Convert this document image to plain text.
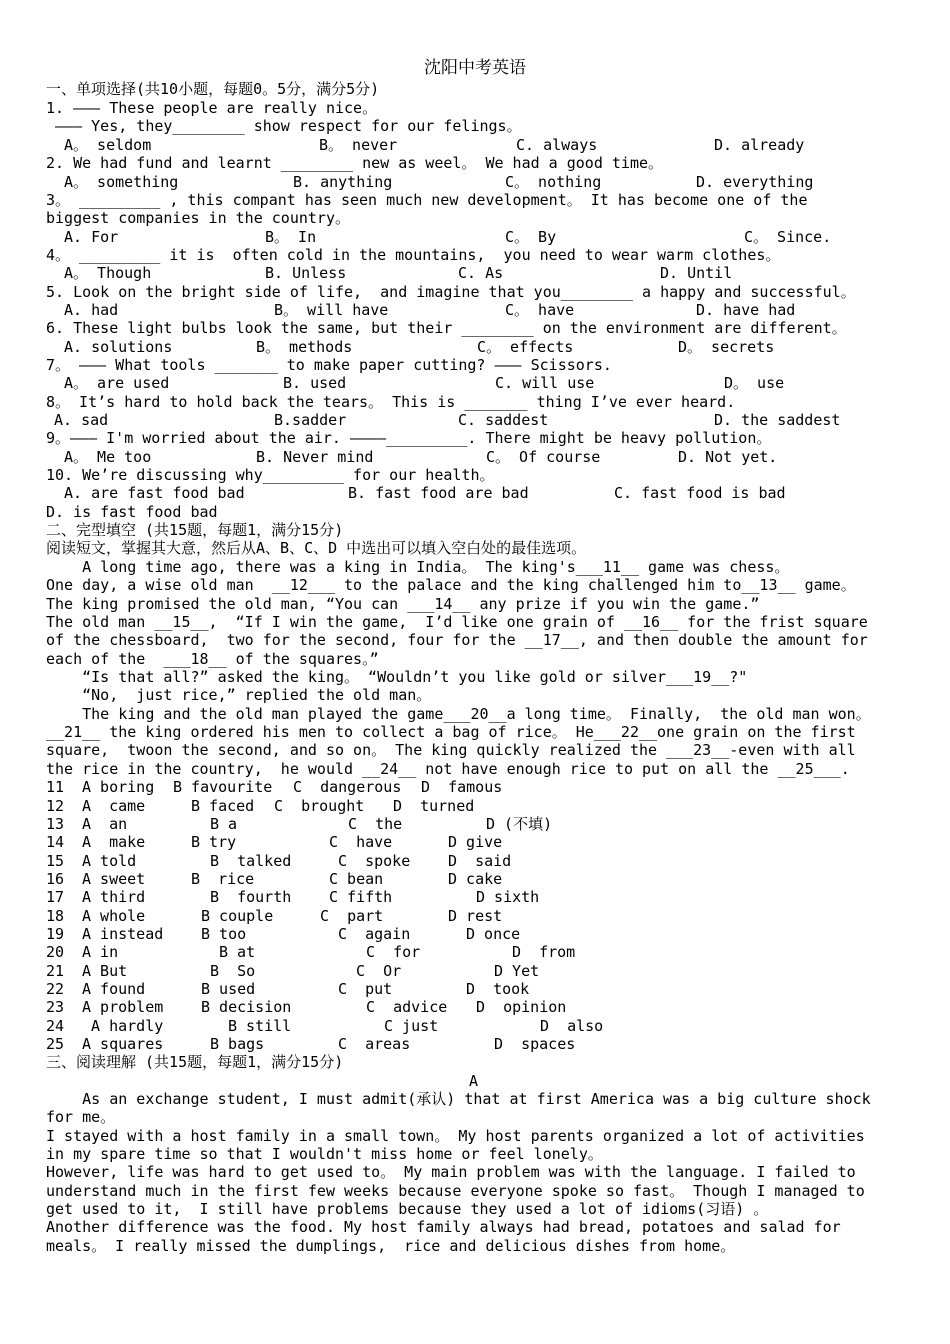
沈阳中考英语
一、单项选择(共10小题，每题0。5分，满分5分)
1. ——— These people are really nice。
——— Yes, they________ show respect for our felings。

A。 seldom

	B。 never

	C. always

	D. already

2. We had fund and learnt ________ new as weel。 We had a good time。

A。 something

	B. anything

	C。 nothing

	D. everything

3。 _________ , this compant has seen much new development。 It has become one of the
biggest companies in the country。

A. For

	B。 In

	C。 By

	C。 Since.

4。 _________ it is  often cold in the mountains,  you need to wear warm clothes。

A。 Though

	B. Unless

	C. As

	D. Until

5. Look on the bright side of life,  and imagine that you________ a happy and successful。

A. had

	B。 will have

	C。 have

	D. have had

6. These light bulbs look the same, but their ________ on the environment are different。

A. solutions

	B。 methods

	C。 effects

	D。 secrets

7。 ——— What tools _______ to make paper cutting? ——— Scissors.

A。 are used

	B. used

	C. will use

	D。 use

8。 It’s hard to hold back the tears。 This is _______ thing I’ve ever heard.

A. sad

	B.sadder

	C. saddest

	D. the saddest

9。——— I'm worried about the air. ————_________. There might be heavy pollution。

A。 Me too

	B. Never mind

	C。 Of course

	D. Not yet.

10. We’re discussing why_________ for our health。

A. are fast food bad

	B. fast food are bad

	C. fast food is bad

D. is fast food bad
二、完型填空 (共15题，每题1，满分15分)
阅读短文，掌握其大意，然后从A、B、C、D 中选出可以填入空白处的最佳选项。
A long time ago, there was a king in India。 The king's___11__ game was chess。
One day, a wise old man  __12___ to the palace and the king challenged him to__13__ game。
The king promised the old man, “You can ___14__ any prize if you win the game.”
The old man __15__,  “If I win the game,  I’d like one grain of __16__ for the frist square
of the chessboard,  two for the second, four for the __17__, and then double the amount for
each of the  ___18__ of the squares。”
“Is that all?” asked the king。 “Wouldn’t you like gold or silver___19__?"
“No,  just rice,” replied the old man。
The king and the old man played the game___20__a long time。 Finally,  the old man won。
__21__ the king ordered his men to collect a bag of rice。 He___22__one grain on the first
square,  twoon the second, and so on。 The king quickly realized the ___23__-even with all
the rice in the country,  he would __24__ not have enough rice to put on all the __25___.

11

A boring

B favourite

C  dangerous

D  famous

12

A  came

	B faced

C  brought

D  turned

13

A  an

	B a

	C  the

	D (不填)

14

A  make

	B try

	C  have

	D give

15

A told

	B  talked

	C  spoke

	D  said

16

A sweet

	B  rice

	C bean

	D cake

17

A third

	B  fourth

	C fifth

	D sixth

18

A whole

	B couple

	C  part

	D rest

19

A instead

	B too

	C  again

	D once

20

A in

	B at

	C  for

	D  from

21

A But

	B  So

	C  Or

	D Yet

22

A found

	B used

	C  put

	D  took

23

A problem

	B decision

	C  advice

D  opinion

24

A hardly

	B still

	C just

	D  also

25

A squares

	B bags

	C  areas

	D  spaces

三、阅读理解 (共15题，每题1，满分15分)

A

As an exchange student, I must admit(承认) that at first America was a big culture shock
for me。
I stayed with a host family in a small town。 My host parents organized a lot of activities
in my spare time so that I wouldn't miss home or feel lonely。
However, life was hard to get used to。 My main problem was with the language. I failed to
understand much in the first few weeks because everyone spoke so fast。 Though I managed to
get used to it,  I still have problems because they used a lot of idioms(习语) 。
Another difference was the food. My host family always had bread, potatoes and salad for
meals。 I really missed the dumplings,  rice and delicious dishes from home。
